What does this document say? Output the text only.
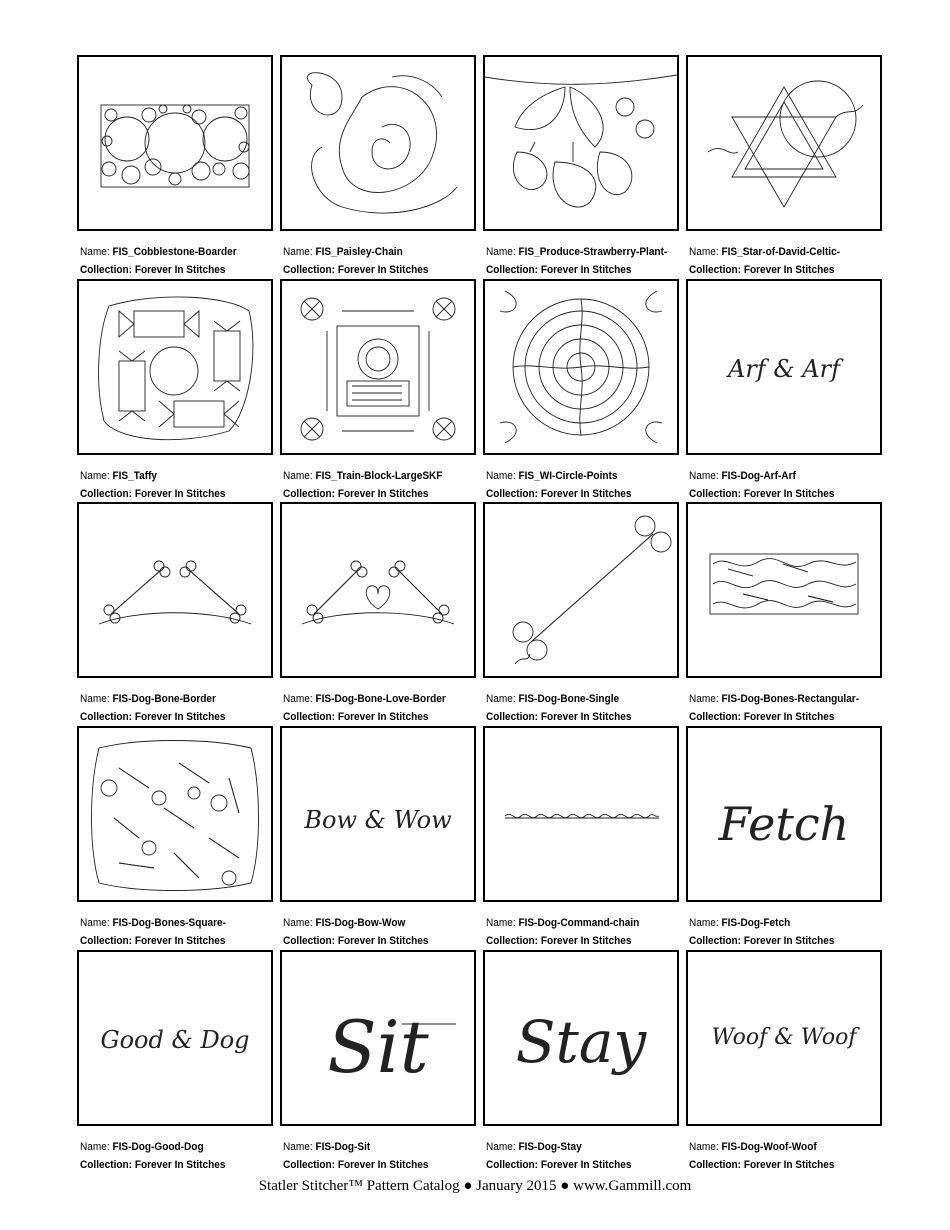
Name: FIS_Cobblestone-Boarder
Collection: Forever In Stitches
Name: FIS_Paisley-Chain
Collection: Forever In Stitches
Name: FIS_Produce-Strawberry-Plant-
Collection: Forever In Stitches
Name: FIS_Star-of-David-Celtic-
Collection: Forever In Stitches
Name: FIS_Taffy
Collection: Forever In Stitches
Name: FIS_Train-Block-LargeSKF
Collection: Forever In Stitches
Name: FIS_WI-Circle-Points
Collection: Forever In Stitches
Arf & Arf
Name: FIS-Dog-Arf-Arf
Collection: Forever In Stitches
Name: FIS-Dog-Bone-Border
Collection: Forever In Stitches
Name: FIS-Dog-Bone-Love-Border
Collection: Forever In Stitches
Name: FIS-Dog-Bone-Single
Collection: Forever In Stitches
Name: FIS-Dog-Bones-Rectangular-
Collection: Forever In Stitches
Name: FIS-Dog-Bones-Square-
Collection: Forever In Stitches
Bow & Wow
Name: FIS-Dog-Bow-Wow
Collection: Forever In Stitches
Name: FIS-Dog-Command-chain
Collection: Forever In Stitches
Fetch
Name: FIS-Dog-Fetch
Collection: Forever In Stitches
Good & Dog
Name: FIS-Dog-Good-Dog
Collection: Forever In Stitches
Sit
Name: FIS-Dog-Sit
Collection: Forever In Stitches
Stay
Name: FIS-Dog-Stay
Collection: Forever In Stitches
Woof & Woof
Name: FIS-Dog-Woof-Woof
Collection: Forever In Stitches
Statler Stitcher™ Pattern Catalog ● January 2015 ● www.Gammill.com
